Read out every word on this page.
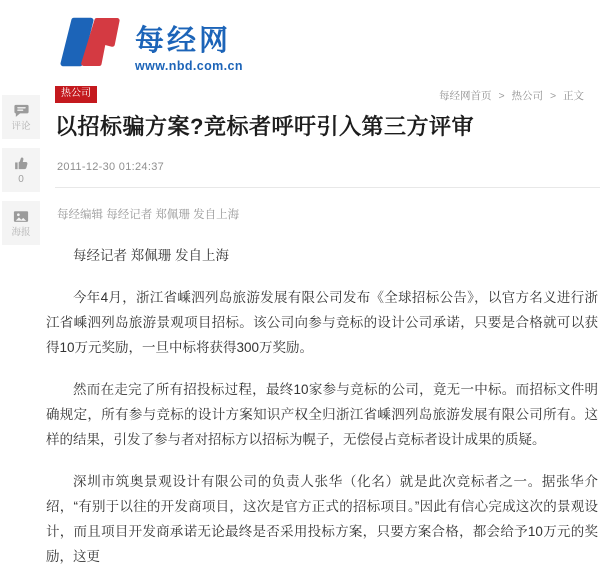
每经网
www.nbd.com.cn
热公司	每经网首页 > 热公司 > 正文
以招标骗方案?竞标者呼吁引入第三方评审
2011-12-30 01:24:37
每经编辑 每经记者 郑佩珊 发自上海
评论
0
海报

每经记者 郑佩珊 发自上海

今年4月，浙江省嵊泗列岛旅游发展有限公司发布《全球招标公告》，以官方名义进行浙江省嵊泗列岛旅游景观项目招标。该公司向参与竞标的设计公司承诺，只要是合格就可以获得10万元奖励，一旦中标将获得300万奖励。

然而在走完了所有招投标过程，最终10家参与竞标的公司，竟无一中标。而招标文件明确规定，所有参与竞标的设计方案知识产权全归浙江省嵊泗列岛旅游发展有限公司所有。这样的结果，引发了参与者对招标方以招标为幌子，无偿侵占竞标者设计成果的质疑。

深圳市筑奥景观设计有限公司的负责人张华（化名）就是此次竞标者之一。据张华介绍，“有别于以往的开发商项目，这次是官方正式的招标项目。”因此有信心完成这次的景观设计，而且项目开发商承诺无论最终是否采用投标方案，只要方案合格，都会给予10万元的奖励，这更
